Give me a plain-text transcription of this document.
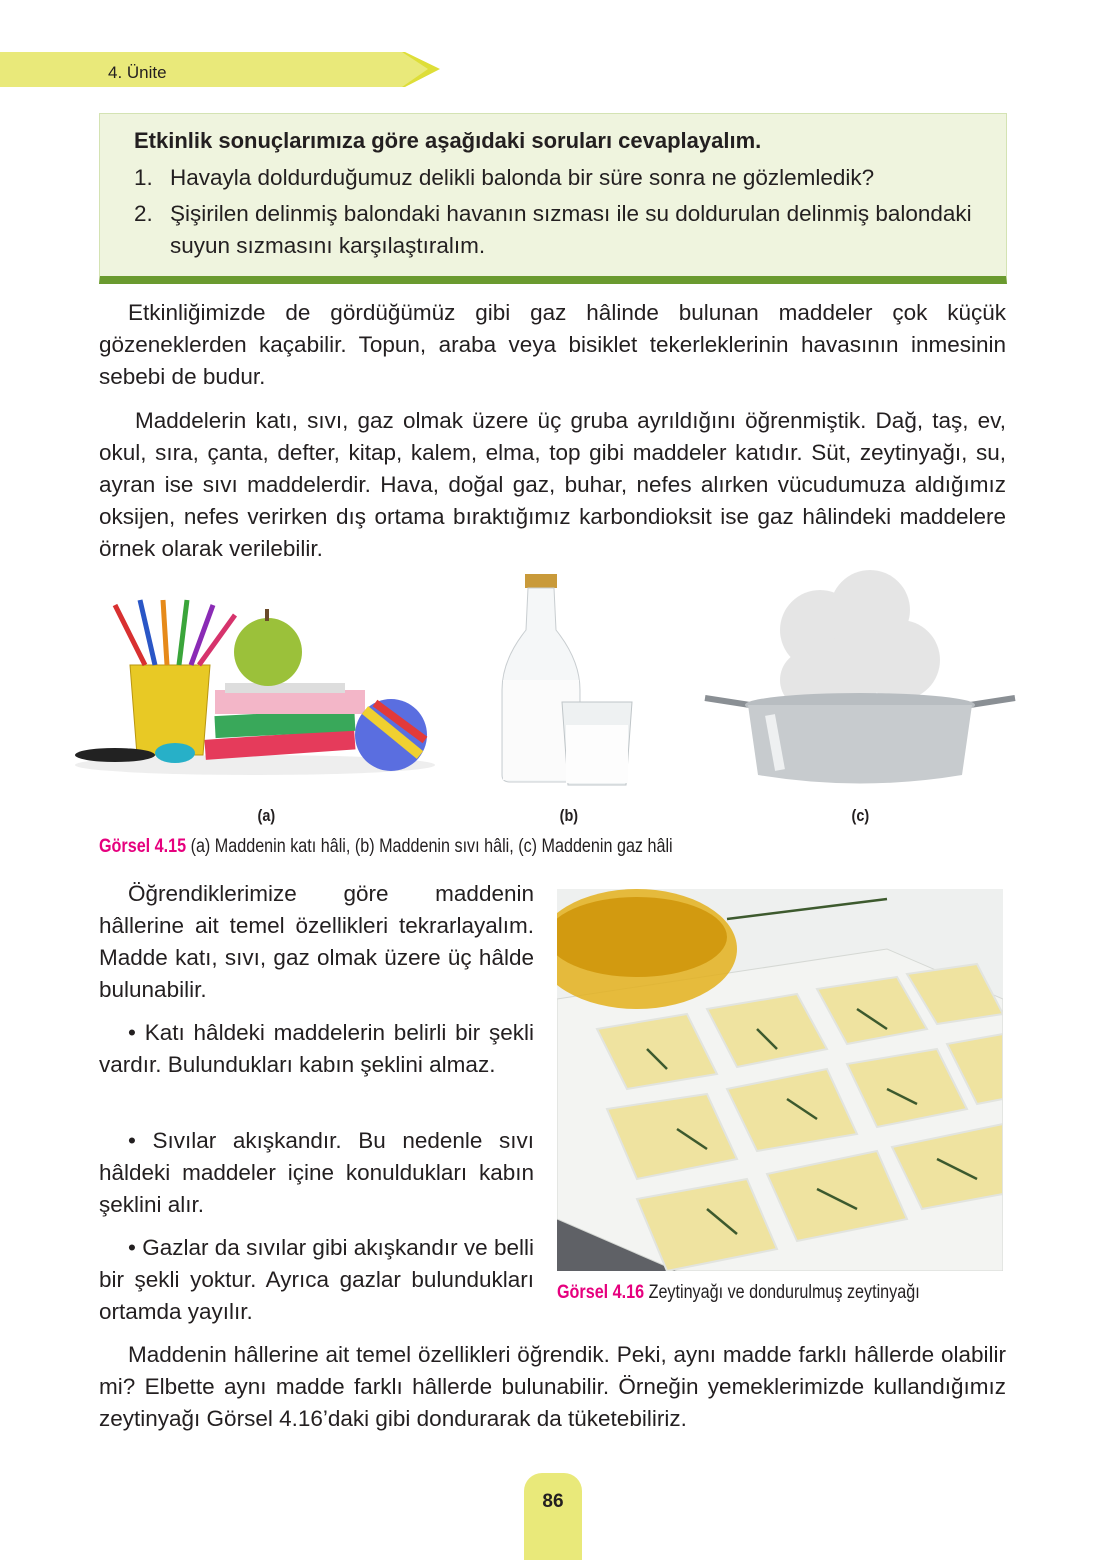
4. Ünite
Etkinlik sonuçlarımıza göre aşağıdaki soruları cevaplayalım.
1. Havayla doldurduğumuz delikli balonda bir süre sonra ne gözlemledik?
2. Şişirilen delinmiş balondaki havanın sızması ile su doldurulan delinmiş balondaki suyun sızmasını karşılaştıralım.

Etkinliğimizde de gördüğümüz gibi gaz hâlinde bulunan maddeler çok küçük gözeneklerden kaçabilir. Topun, araba veya bisiklet tekerleklerinin havasının inmesinin sebebi de budur.

Maddelerin katı, sıvı, gaz olmak üzere üç gruba ayrıldığını öğrenmiştik. Dağ, taş, ev, okul, sıra, çanta, defter, kitap, kalem, elma, top gibi maddeler katıdır. Süt, zeytinyağı, su, ayran ise sıvı maddelerdir. Hava, doğal gaz, buhar, nefes alırken vücudumuza aldığımız oksijen, nefes verirken dış ortama bıraktığımız karbondioksit ise gaz hâlindeki maddelere örnek olarak verilebilir.

(a)	(b)	(c)
Görsel 4.15 (a) Maddenin katı hâli, (b) Maddenin sıvı hâli, (c) Maddenin gaz hâli

Öğrendiklerimize göre maddenin hâllerine ait temel özellikleri tekrarlayalım. Madde katı, sıvı, gaz olmak üzere üç hâlde bulunabilir.

• Katı hâldeki maddelerin belirli bir şekli vardır. Bulundukları kabın şeklini almaz.

• Sıvılar akışkandır. Bu nedenle sıvı hâldeki maddeler içine konuldukları kabın şeklini alır.

• Gazlar da sıvılar gibi akışkandır ve belli bir şekli yoktur. Ayrıca gazlar bulundukları ortamda yayılır.

Görsel 4.16 Zeytinyağı ve dondurulmuş zeytinyağı

Maddenin hâllerine ait temel özellikleri öğrendik. Peki, aynı madde farklı hâllerde olabilir mi? Elbette aynı madde farklı hâllerde bulunabilir. Örneğin yemeklerimizde kullandığımız zeytinyağı Görsel 4.16’daki gibi dondurarak da tüketebiliriz.

86
